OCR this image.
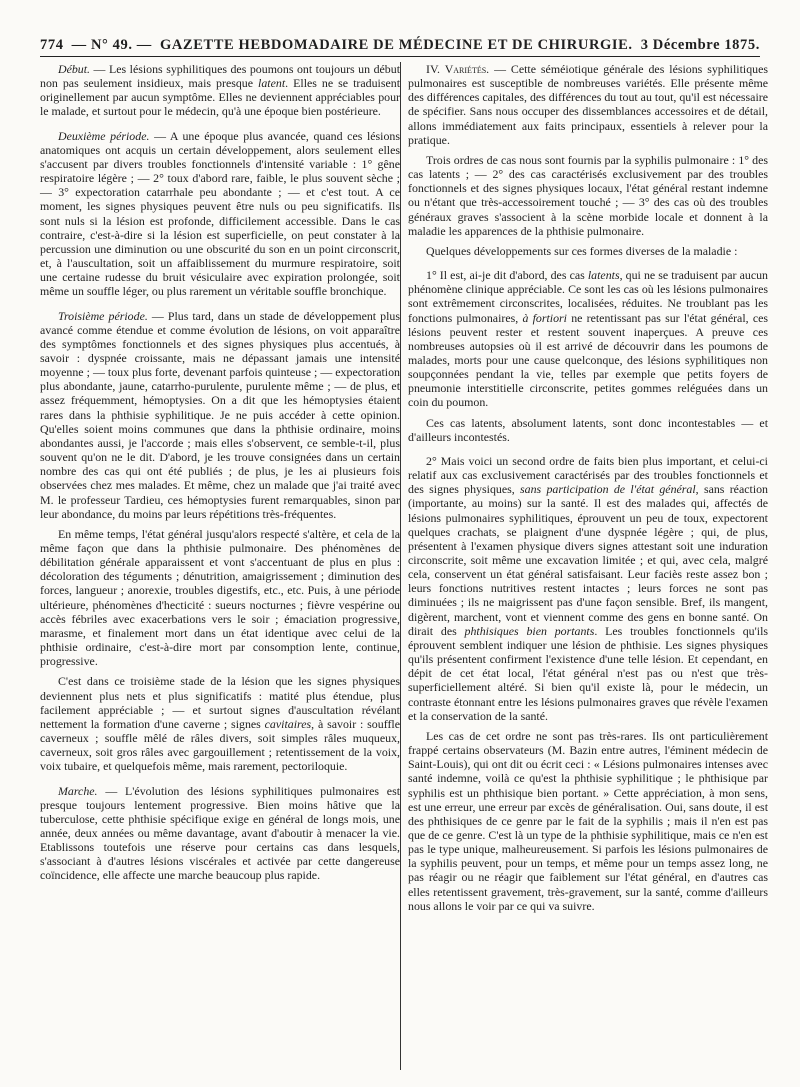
774 — N° 49. — GAZETTE HEBDOMADAIRE DE MÉDECINE ET DE CHIRURGIE. 3 Décembre 1875.

Début. — Les lésions syphilitiques des poumons ont toujours un début non pas seulement insidieux, mais presque latent. Elles ne se traduisent originellement par aucun symptôme. Elles ne deviennent appréciables pour le malade, et surtout pour le médecin, qu'à une époque bien postérieure.

Deuxième période. — A une époque plus avancée, quand ces lésions anatomiques ont acquis un certain développement, alors seulement elles s'accusent par divers troubles fonctionnels d'intensité variable : 1° gêne respiratoire légère ; — 2° toux d'abord rare, faible, le plus souvent sèche ; — 3° expectoration catarrhale peu abondante ; — et c'est tout. A ce moment, les signes physiques peuvent être nuls ou peu significatifs. Ils sont nuls si la lésion est profonde, difficilement accessible. Dans le cas contraire, c'est-à-dire si la lésion est superficielle, on peut constater à la percussion une diminution ou une obscurité du son en un point circonscrit, et, à l'auscultation, soit un affaiblissement du murmure respiratoire, soit une certaine rudesse du bruit vésiculaire avec expiration prolongée, soit même un souffle léger, ou plus rarement un véritable souffle bronchique.

Troisième période. — Plus tard, dans un stade de développement plus avancé comme étendue et comme évolution de lésions, on voit apparaître des symptômes fonctionnels et des signes physiques plus accentués, à savoir : dyspnée croissante, mais ne dépassant jamais une intensité moyenne ; — toux plus forte, devenant parfois quinteuse ; — expectoration plus abondante, jaune, catarrho-purulente, purulente même ; — de plus, et assez fréquemment, hémoptysies. On a dit que les hémoptysies étaient rares dans la phthisie syphilitique. Je ne puis accéder à cette opinion. Qu'elles soient moins communes que dans la phthisie ordinaire, moins abondantes aussi, je l'accorde ; mais elles s'observent, ce semble-t-il, plus souvent qu'on ne le dit. D'abord, je les trouve consignées dans un certain nombre des cas qui ont été publiés ; de plus, je les ai plusieurs fois observées chez mes malades. Et même, chez un malade que j'ai traité avec M. le professeur Tardieu, ces hémoptysies furent remarquables, sinon par leur abondance, du moins par leurs répétitions très-fréquentes.

En même temps, l'état général jusqu'alors respecté s'altère, et cela de la même façon que dans la phthisie pulmonaire. Des phénomènes de débilitation générale apparaissent et vont s'accentuant de plus en plus : décoloration des téguments ; dénutrition, amaigrissement ; diminution des forces, langueur ; anorexie, troubles digestifs, etc., etc. Puis, à une période ultérieure, phénomènes d'hecticité : sueurs nocturnes ; fièvre vespérine ou accès fébriles avec exacerbations vers le soir ; émaciation progressive, marasme, et finalement mort dans un état identique avec celui de la phthisie ordinaire, c'est-à-dire mort par consomption lente, continue, progressive.

C'est dans ce troisième stade de la lésion que les signes physiques deviennent plus nets et plus significatifs : matité plus étendue, plus facilement appréciable ; — et surtout signes d'auscultation révélant nettement la formation d'une caverne ; signes cavitaires, à savoir : souffle caverneux ; souffle mêlé de râles divers, soit simples râles muqueux, caverneux, soit gros râles avec gargouillement ; retentissement de la voix, voix tubaire, et quelquefois même, mais rarement, pectoriloquie.

Marche. — L'évolution des lésions syphilitiques pulmonaires est presque toujours lentement progressive. Bien moins hâtive que la tuberculose, cette phthisie spécifique exige en général de longs mois, une année, deux années ou même davantage, avant d'aboutir à menacer la vie. Etablissons toutefois une réserve pour certains cas dans lesquels, s'associant à d'autres lésions viscérales et activée par cette dangereuse coïncidence, elle affecte une marche beaucoup plus rapide.

IV. Variétés. — Cette séméiotique générale des lésions syphilitiques pulmonaires est susceptible de nombreuses variétés. Elle présente même des différences capitales, des différences du tout au tout, qu'il est nécessaire de spécifier. Sans nous occuper des dissemblances accessoires et de détail, allons immédiatement aux faits principaux, essentiels à relever pour la pratique.

Trois ordres de cas nous sont fournis par la syphilis pulmonaire : 1° des cas latents ; — 2° des cas caractérisés exclusivement par des troubles fonctionnels et des signes physiques locaux, l'état général restant indemne ou n'étant que très-accessoirement touché ; — 3° des cas où des troubles généraux graves s'associent à la scène morbide locale et donnent à la maladie les apparences de la phthisie pulmonaire.

Quelques développements sur ces formes diverses de la maladie :

1° Il est, ai-je dit d'abord, des cas latents, qui ne se traduisent par aucun phénomène clinique appréciable. Ce sont les cas où les lésions pulmonaires sont extrêmement circonscrites, localisées, réduites. Ne troublant pas les fonctions pulmonaires, à fortiori ne retentissant pas sur l'état général, ces lésions peuvent rester et restent souvent inaperçues. A preuve ces nombreuses autopsies où il est arrivé de découvrir dans les poumons de malades, morts pour une cause quelconque, des lésions syphilitiques non soupçonnées pendant la vie, telles par exemple que petits foyers de pneumonie interstitielle circonscrite, petites gommes reléguées dans un coin du poumon.

Ces cas latents, absolument latents, sont donc incontestables — et d'ailleurs incontestés.

2° Mais voici un second ordre de faits bien plus important, et celui-ci relatif aux cas exclusivement caractérisés par des troubles fonctionnels et des signes physiques, sans participation de l'état général, sans réaction (importante, au moins) sur la santé. Il est des malades qui, affectés de lésions pulmonaires syphilitiques, éprouvent un peu de toux, expectorent quelques crachats, se plaignent d'une dyspnée légère ; qui, de plus, présentent à l'examen physique divers signes attestant soit une induration circonscrite, soit même une excavation limitée ; et qui, avec cela, malgré cela, conservent un état général satisfaisant. Leur faciès reste assez bon ; leurs fonctions nutritives restent intactes ; leurs forces ne sont pas diminuées ; ils ne maigrissent pas d'une façon sensible. Bref, ils mangent, digèrent, marchent, vont et viennent comme des gens en bonne santé. On dirait des phthisiques bien portants. Les troubles fonctionnels qu'ils éprouvent semblent indiquer une lésion de phthisie. Les signes physiques qu'ils présentent confirment l'existence d'une telle lésion. Et cependant, en dépit de cet état local, l'état général n'est pas ou n'est que très-superficiellement altéré. Si bien qu'il existe là, pour le médecin, un contraste étonnant entre les lésions pulmonaires graves que révèle l'examen et la conservation de la santé.

Les cas de cet ordre ne sont pas très-rares. Ils ont particulièrement frappé certains observateurs (M. Bazin entre autres, l'éminent médecin de Saint-Louis), qui ont dit ou écrit ceci : « Lésions pulmonaires intenses avec santé indemne, voilà ce qu'est la phthisie syphilitique ; le phthisique par syphilis est un phthisique bien portant. » Cette appréciation, à mon sens, est une erreur, une erreur par excès de généralisation. Oui, sans doute, il est des phthisiques de ce genre par le fait de la syphilis ; mais il n'en est pas que de ce genre. C'est là un type de la phthisie syphilitique, mais ce n'en est pas le type unique, malheureusement. Si parfois les lésions pulmonaires de la syphilis peuvent, pour un temps, et même pour un temps assez long, ne pas réagir ou ne réagir que faiblement sur l'état général, en d'autres cas elles retentissent gravement, très-gravement, sur la santé, comme d'ailleurs nous allons le voir par ce qui va suivre.
